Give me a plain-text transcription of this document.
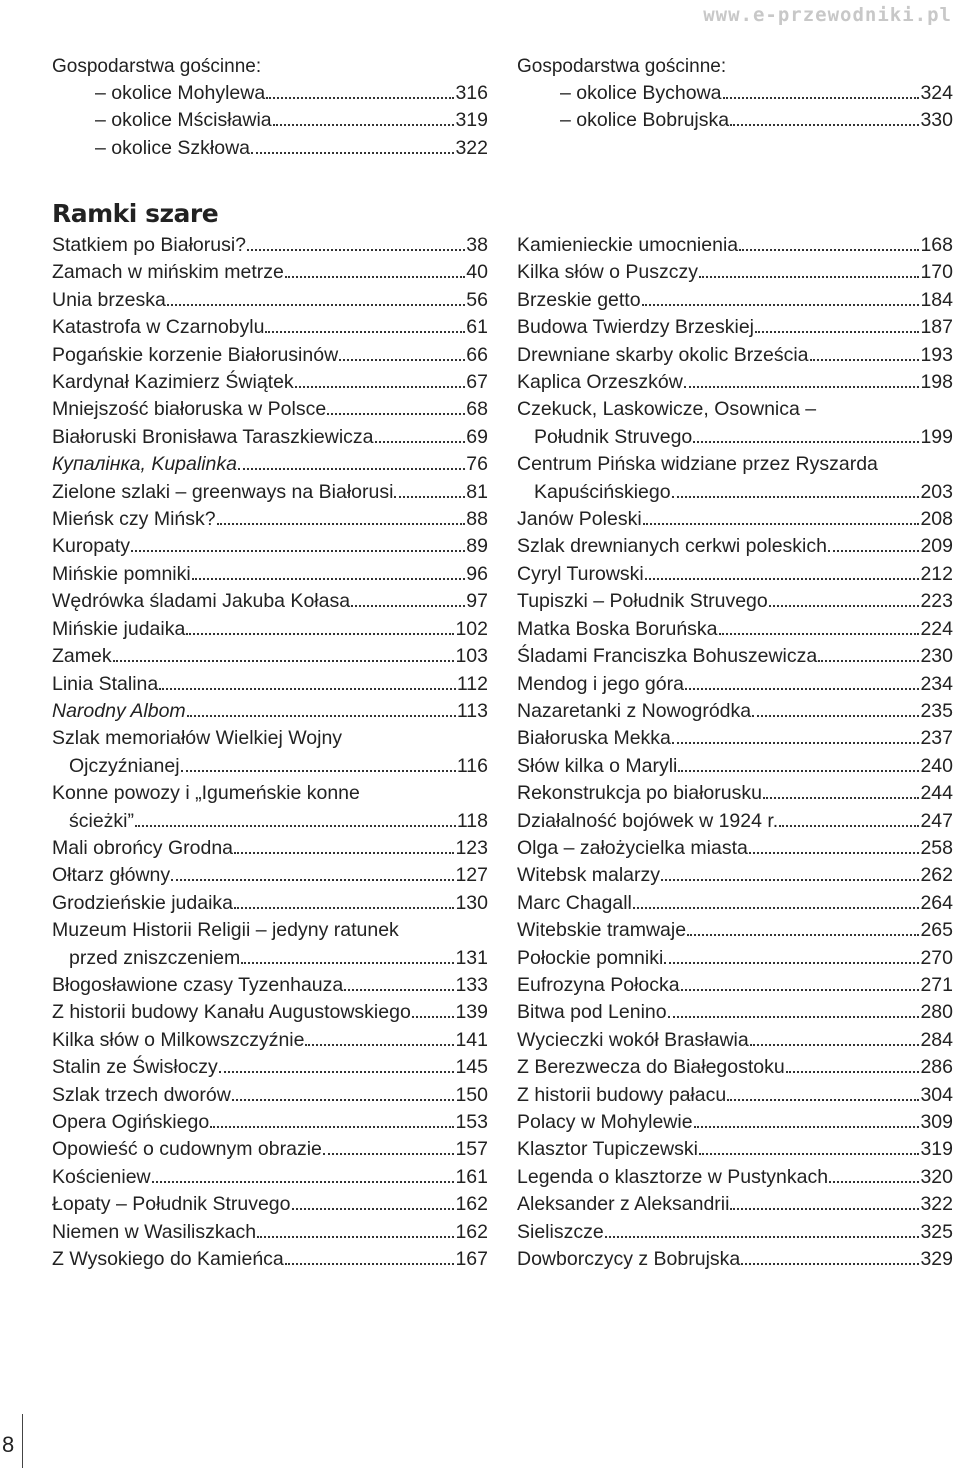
www.e-przewodniki.pl
Gospodarstwa gościnne:
– okolice Mohylewa	316
– okolice Mścisławia	319
– okolice Szkłowa	322
Gospodarstwa gościnne:
– okolice Bychowa	324
– okolice Bobrujska	330
Ramki szare
Statkiem po Białorusi?	38
Zamach w mińskim metrze	40
Unia brzeska	56
Katastrofa w Czarnobylu	61
Pogańskie korzenie Białorusinów	66
Kardynał Kazimierz Świątek	67
Mniejszość białoruska w Polsce	68
Białoruski Bronisława Taraszkiewicza	69
Купалінка, Kupalinka	76
Zielone szlaki – greenways na Białorusi	81
Mieńsk czy Mińsk?	88
Kuropaty	89
Mińskie pomniki	96
Wędrówka śladami Jakuba Kołasa	97
Mińskie judaika	102
Zamek	103
Linia Stalina	112
Narodny Albom	113
Szlak memoriałów Wielkiej Wojny
Ojczyźnianej	116
Konne powozy i „Igumeńskie konne
ścieżki”	118
Mali obrońcy Grodna	123
Ołtarz główny	127
Grodzieńskie judaika	130
Muzeum Historii Religii – jedyny ratunek
przed zniszczeniem	131
Błogosławione czasy Tyzenhauza	133
Z historii budowy Kanału Augustowskiego 139
Kilka słów o Milkowszczyźnie	141
Stalin ze Świsłoczy	145
Szlak trzech dworów	150
Opera Ogińskiego	153
Opowieść o cudownym obrazie	157
Kościeniew	161
Łopaty – Południk Struvego	162
Niemen w Wasiliszkach	162
Z Wysokiego do Kamieńca	167
Kamienieckie umocnienia	168
Kilka słów o Puszczy	170
Brzeskie getto	184
Budowa Twierdzy Brzeskiej	187
Drewniane skarby okolic Brześcia	193
Kaplica Orzeszków	198
Czekuck, Laskowicze, Osownica –
Południk Struvego	199
Centrum Pińska widziane przez Ryszarda
Kapuścińskiego	203
Janów Poleski	208
Szlak drewnianych cerkwi poleskich	209
Cyryl Turowski	212
Tupiszki – Południk Struvego	223
Matka Boska Boruńska	224
Śladami Franciszka Bohuszewicza	230
Mendog i jego góra	234
Nazaretanki z Nowogródka	235
Białoruska Mekka	237
Słów kilka o Maryli	240
Rekonstrukcja po białorusku	244
Działalność bojówek w 1924 r.	247
Olga – założycielka miasta	258
Witebsk malarzy	262
Marc Chagall	264
Witebskie tramwaje	265
Połockie pomniki	270
Eufrozyna Połocka	271
Bitwa pod Lenino	280
Wycieczki wokół Brasławia	284
Z Berezwecza do Białegostoku	286
Z historii budowy pałacu	304
Polacy w Mohylewie	309
Klasztor Tupiczewski	319
Legenda o klasztorze w Pustynkach	320
Aleksander z Aleksandrii	322
Sieliszcze	325
Dowborczycy z Bobrujska	329
8
